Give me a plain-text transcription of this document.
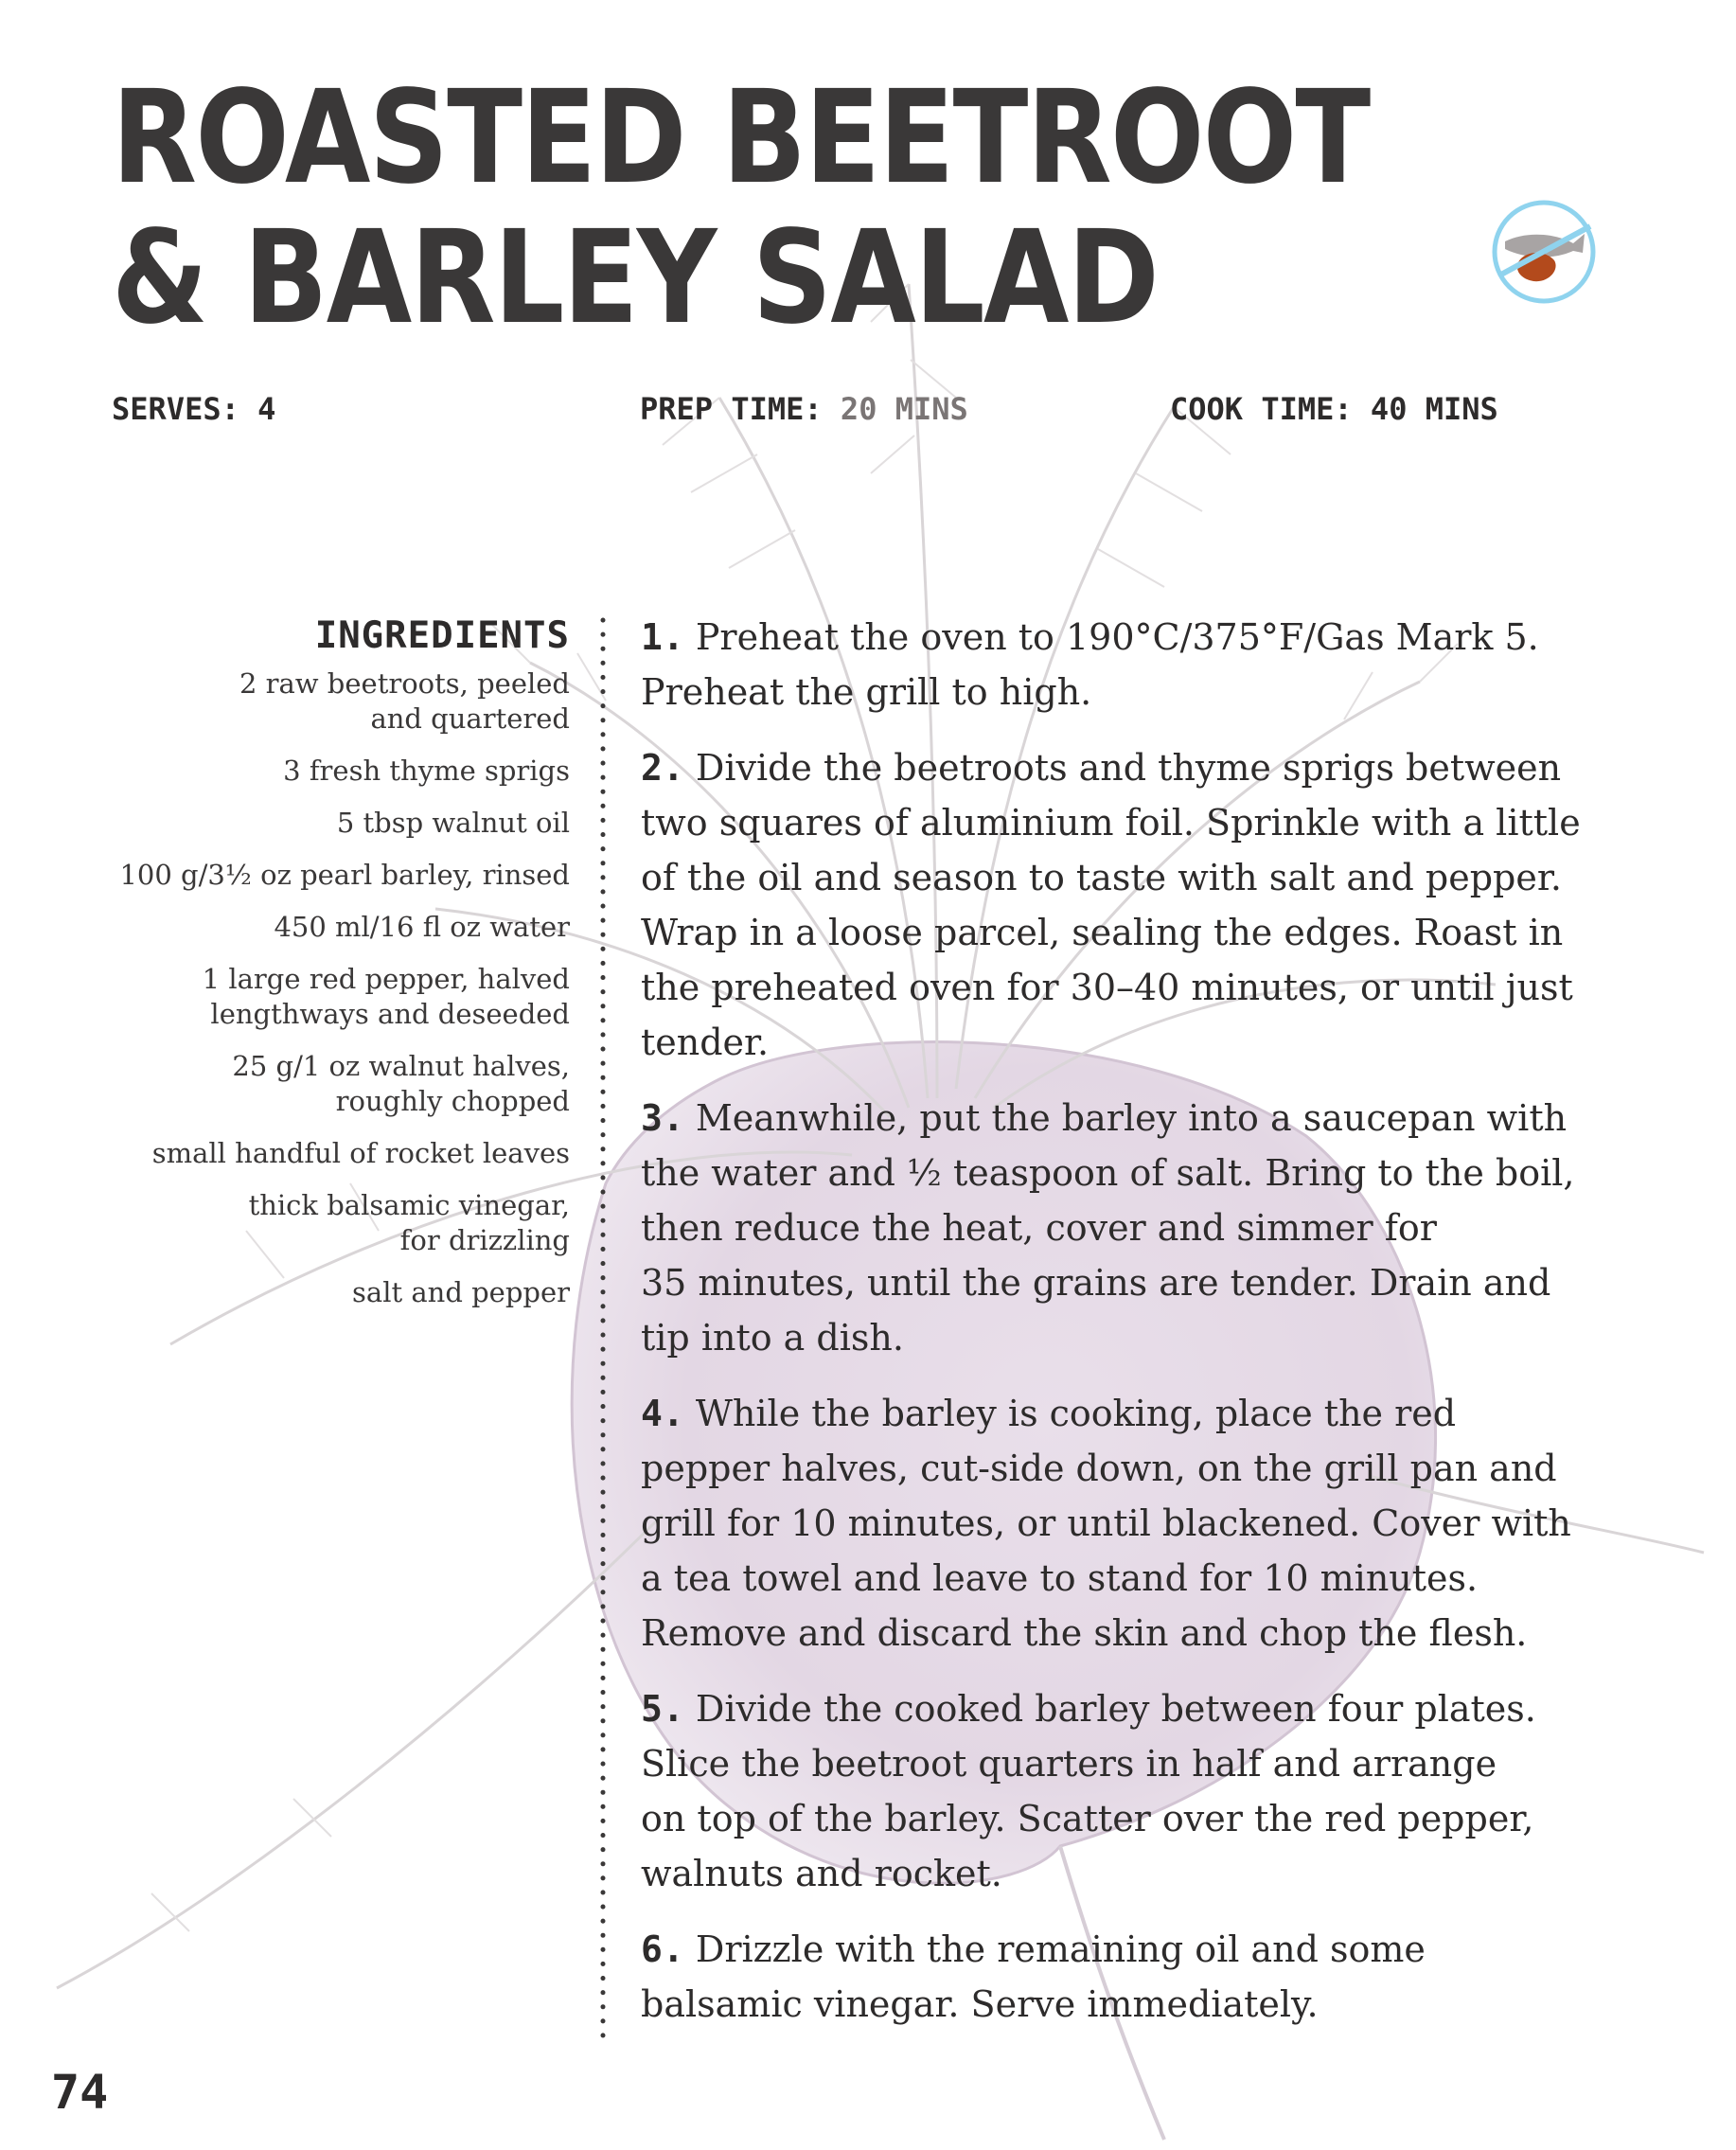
ROASTED BEETROOT
& BARLEY SALAD
SERVES: 4	PREP TIME: 20 MINS	COOK TIME: 40 MINS
INGREDIENTS
2 raw beetroots, peeled
and quartered
3 fresh thyme sprigs
5 tbsp walnut oil
100 g/3½ oz pearl barley, rinsed
450 ml/16 fl oz water
1 large red pepper, halved
lengthways and deseeded
25 g/1 oz walnut halves,
roughly chopped
small handful of rocket leaves
thick balsamic vinegar,
for drizzling
salt and pepper

1. Preheat the oven to 190°C/375°F/Gas Mark 5.
Preheat the grill to high.

2. Divide the beetroots and thyme sprigs between
two squares of aluminium foil. Sprinkle with a little
of the oil and season to taste with salt and pepper.
Wrap in a loose parcel, sealing the edges. Roast in
the preheated oven for 30–40 minutes, or until just
tender.

3. Meanwhile, put the barley into a saucepan with
the water and ½ teaspoon of salt. Bring to the boil,
then reduce the heat, cover and simmer for
35 minutes, until the grains are tender. Drain and
tip into a dish.

4. While the barley is cooking, place the red
pepper halves, cut-side down, on the grill pan and
grill for 10 minutes, or until blackened. Cover with
a tea towel and leave to stand for 10 minutes.
Remove and discard the skin and chop the flesh.

5. Divide the cooked barley between four plates.
Slice the beetroot quarters in half and arrange
on top of the barley. Scatter over the red pepper,
walnuts and rocket.

6. Drizzle with the remaining oil and some
balsamic vinegar. Serve immediately.

74
